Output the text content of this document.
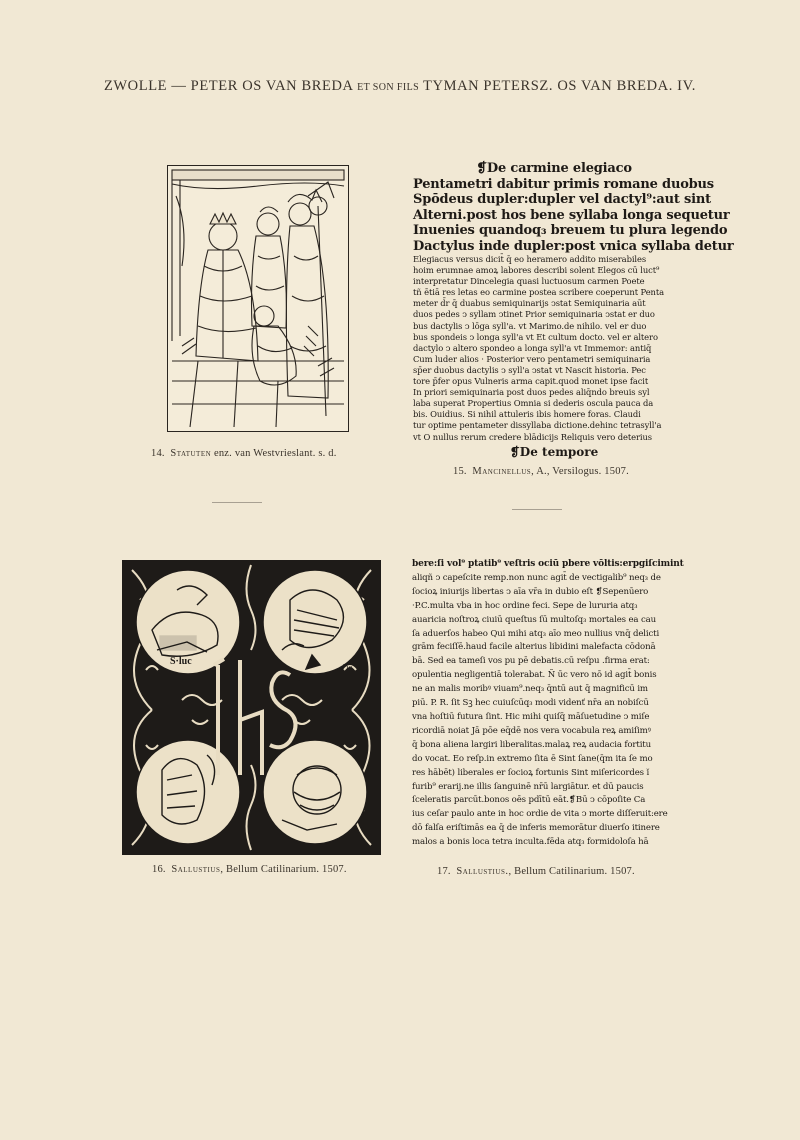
ZWOLLE — PETER OS VAN BREDA ET SON FILS TYMAN PETERSZ. OS VAN BREDA. IV.
14. Statuten enz. van Westvrieslant. s. d.
❡De carmine elegiaco
Pentametri dabitur primis romane duobus
Spōdeus dupler:dupler vel dactyl⁹:aut sint
Alterni.post hos bene syllaba longa sequetur
Inuenies quandoq₃ breuem tu plura legendo
Dactylus inde dupler:post vnica syllaba detur
Elegiacus versus dicit̄ q̄ eo heramero addito miserabiles
hoim erumnae amoꝝ labores describi solent Elegos cū luct⁹
interpretatur Dincelegia quasi luctuosum carmen Poete
tñ ētiā res letas eo carmine postea scribere coeperunt Penta
meter d̄r q̄ duabus semiquinarijs ↄstat Semiquinaria aūt
duos pedes ↄ syllam ↄtinet Prior semiquinaria ↄstat er duo
bus dactylis ↄ lōga syll'a. vt Marimo.de nihilo. vel er duo
bus spondeis ↄ longa syll'a vt Et cultum docto. vel er altero
dactylo ↄ altero spondeo a longa syll'a vt Immemor: antiq̄
Cum luder alios · Posterior vero pentametri semiquinaria
sp̄er duobus dactylis ↄ syll'a ↄstat vt Nascit historia. Pec
tore p̄fer opus Vulneris arma capit.quod monet ipse facit
In priori semiquinaria post duos pedes aliq̄ndo breuis syl
laba superat Propertius Omnia si dederis oscula pauca da
bis. Ouidius. Si nihil attuleris ibis homere foras. Claudi
tur optime pentameter dissyllaba dictione.dehinc tetrasyll'a
vt O nullus rerum credere blādicijs Reliquis vero deterius
❡De tempore
15. Mancinellus, A., Versilogus. 1507.
S·luc
ſ io
16. Sallustius, Bellum Catilinarium. 1507.
bere:ſi vol⁹ ptatib⁹ veſtris ociū pbere vōltis:erpgiſcimint
aliqñ ↄ capeſcite remp.non nunc agit̄ de vectigalib⁹ neq₃ de
ſocioꝝ iniurijs libertas ↄ aīa vr̄a in dubio eſt ❡Sepenūero
·P.C.multa vba in hoc ordine feci. Sepe de lururia atq₃
auaricia noſtroꝝ ciuiū queſtus ſū multoſq₃ mortales ea cau
ſa aduerſos habeo Qui mihi atq₃ aīo meo nullius vnq̄ delicti
grām feciſſē.haud facile alterius libidini malefacta cōdonā
bā. Sed ea tameſi vos pu pē debatis.cū reſpu .firma erat:
opulentia negligentiā tolerabat. Ñ ūc vero nō id agit̄ bonis
ne an malis moribꝰ viuam⁹.neq₃ q̄ntū aut q̄ magnificū im
piū. P. R. ſit Sꝫ hec cuiuſcūq₃ modi videnť nr̄a an nobiſcū
vna hoſtiū futura ſint. Hic mihi quiſq̄ māſuetudine ↄ miſe
ricordiā noiat Jā pōe eq̄dē nos vera vocabula reꝝ amiſimꝰ
q̄ bona aliena largiri liberalitas.malaꝝ reꝝ audacia fortitu
do vocat. Eo reſp.in extremo ſita ē Sint ſane(q̄m ita ſe mo
res hābēt) liberales er ſocioꝝ fortunis Sint miſericordes ĭ
furib⁹ erarij.ne illis ſanguinē nr̄ū largiātur. et dū paucis
ſceleratis parcūt.bonos oēs pdītū eāt.❡Bū ↄ cōpoſite Ca
ius ceſar paulo ante in hoc ordie de vita ↄ morte diſſeruit:ere
dō falſa eriſtimās ea q̄ de inferis memorātur diuerſo itinere
malos a bonis loca tetra inculta.fēda atq₃ formidoloſa hā
17. Sallustius., Bellum Catilinarium. 1507.
